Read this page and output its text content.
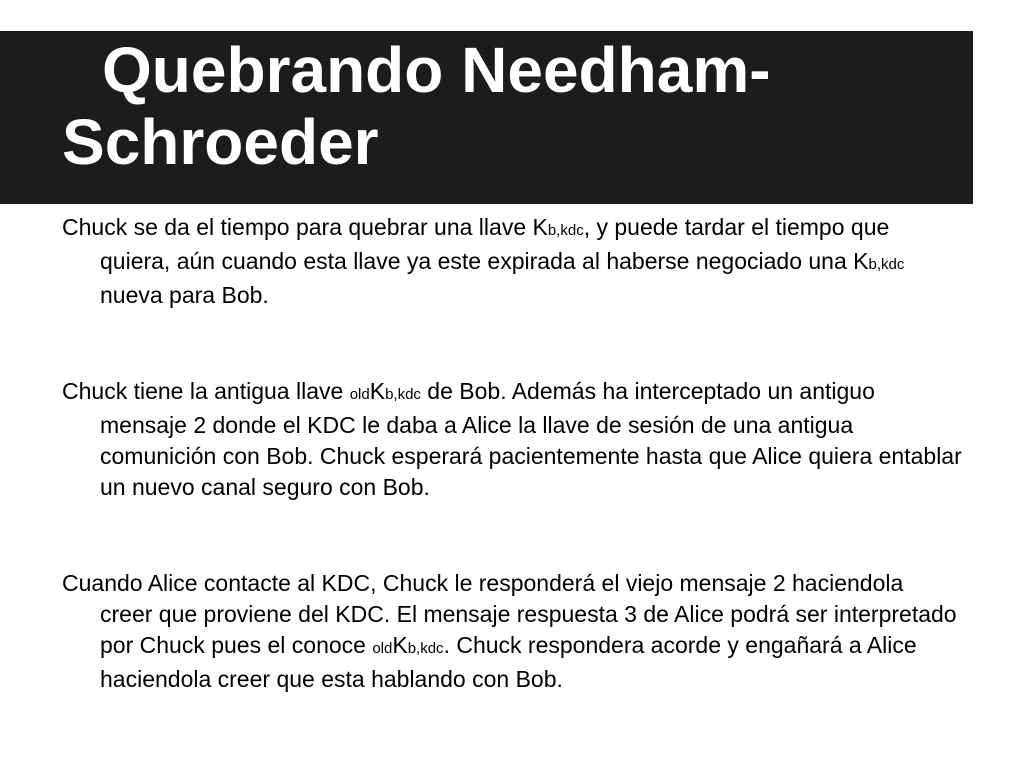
Quebrando Needham-Schroeder

Chuck se da el tiempo para quebrar una llave Kb,kdc, y puede tardar el tiempo que quiera, aún cuando esta llave ya este expirada al haberse negociado una Kb,kdc nueva para Bob.

Chuck tiene la antigua llave oldKb,kdc de Bob. Además ha interceptado un antiguo mensaje 2 donde el KDC le daba a Alice la llave de sesión de una antigua comunición con Bob. Chuck esperará pacientemente hasta que Alice quiera entablar un nuevo canal seguro con Bob.

Cuando Alice contacte al KDC, Chuck le responderá el viejo mensaje 2 haciendola creer que proviene del KDC. El mensaje respuesta 3 de Alice podrá ser interpretado por Chuck pues el conoce oldKb,kdc. Chuck respondera acorde y engañará a Alice haciendola creer que esta hablando con Bob.
